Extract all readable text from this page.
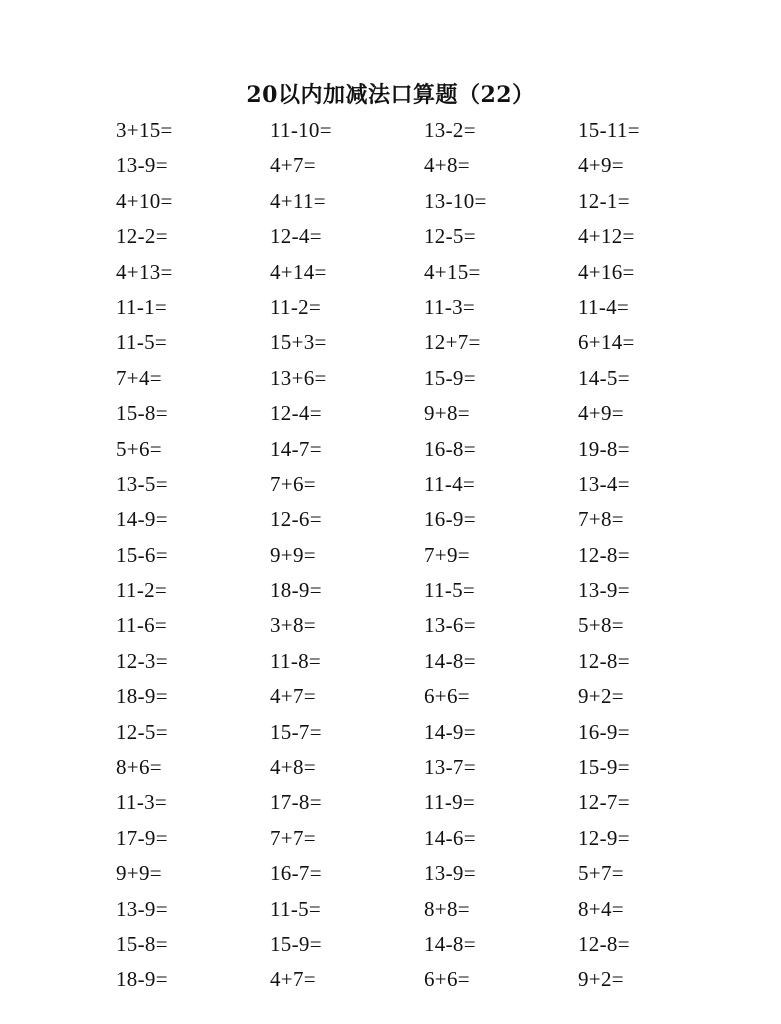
20以内加减法口算题（22）
3+15=	11-10=	13-2=	15-11=
13-9=	4+7=	4+8=	4+9=
4+10=	4+11=	13-10=	12-1=
12-2=	12-4=	12-5=	4+12=
4+13=	4+14=	4+15=	4+16=
11-1=	11-2=	11-3=	11-4=
11-5=	15+3=	12+7=	6+14=
7+4=	13+6=	15-9=	14-5=
15-8=	12-4=	9+8=	4+9=
5+6=	14-7=	16-8=	19-8=
13-5=	7+6=	11-4=	13-4=
14-9=	12-6=	16-9=	7+8=
15-6=	9+9=	7+9=	12-8=
11-2=	18-9=	11-5=	13-9=
11-6=	3+8=	13-6=	5+8=
12-3=	11-8=	14-8=	12-8=
18-9=	4+7=	6+6=	9+2=
12-5=	15-7=	14-9=	16-9=
8+6=	4+8=	13-7=	15-9=
11-3=	17-8=	11-9=	12-7=
17-9=	7+7=	14-6=	12-9=
9+9=	16-7=	13-9=	5+7=
13-9=	11-5=	8+8=	8+4=
15-8=	15-9=	14-8=	12-8=
18-9=	4+7=	6+6=	9+2=
